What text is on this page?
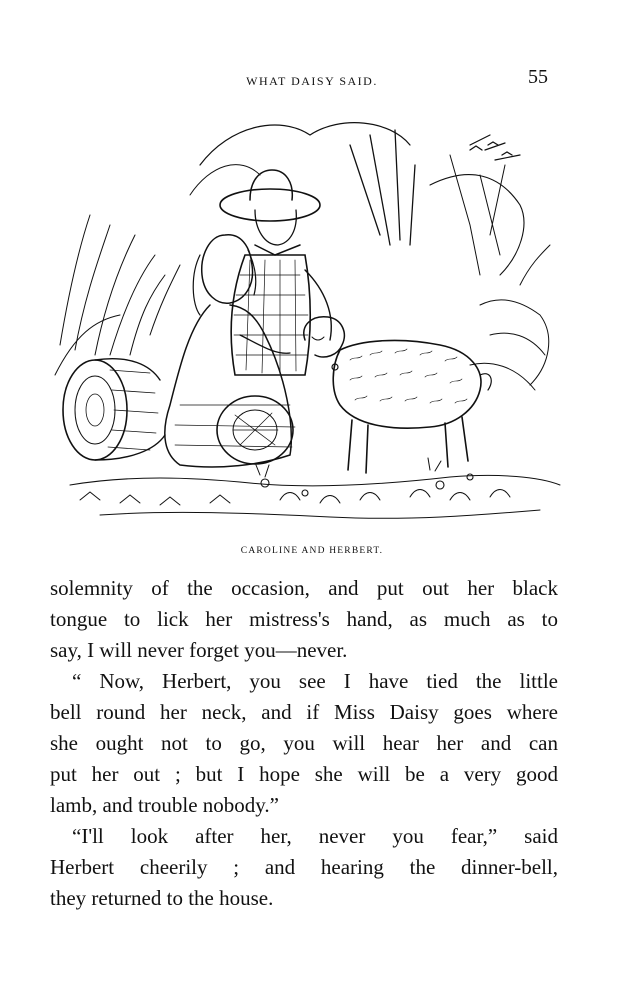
WHAT DAISY SAID.	55
CAROLINE AND HERBERT.

solemnity of the occasion, and put out her black
tongue to lick her mistress's hand, as much as to
say, I will never forget you—never.

“ Now, Herbert, you see I have tied the little
bell round her neck, and if Miss Daisy goes where
she ought not to go, you will hear her and can
put her out ; but I hope she will be a very good
lamb, and trouble nobody.”

“I'll look after her, never you fear,” said
Herbert cheerily ; and hearing the dinner-bell,
they returned to the house.
